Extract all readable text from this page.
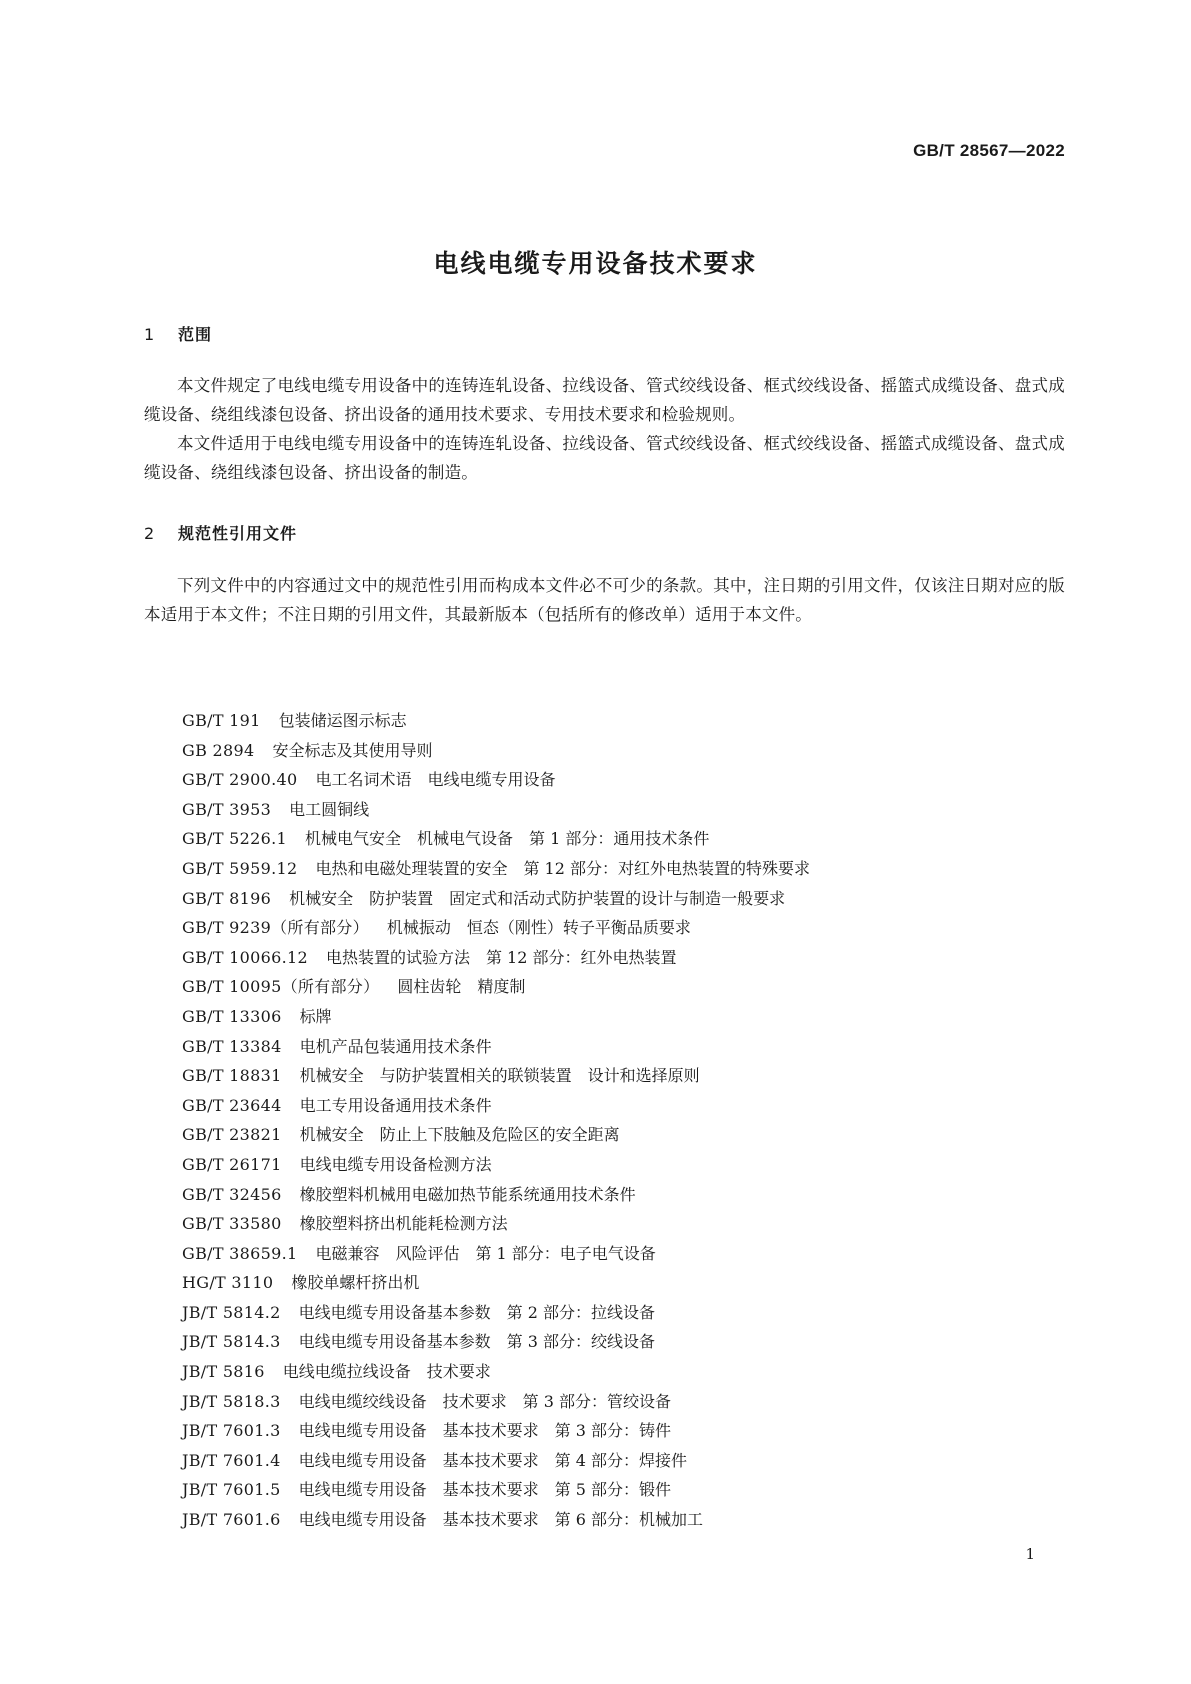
GB/T 28567—2022
电线电缆专用设备技术要求
1 范围

本文件规定了电线电缆专用设备中的连铸连轧设备、拉线设备、管式绞线设备、框式绞线设备、摇篮式成缆设备、盘式成缆设备、绕组线漆包设备、挤出设备的通用技术要求、专用技术要求和检验规则。

本文件适用于电线电缆专用设备中的连铸连轧设备、拉线设备、管式绞线设备、框式绞线设备、摇篮式成缆设备、盘式成缆设备、绕组线漆包设备、挤出设备的制造。

2 规范性引用文件

下列文件中的内容通过文中的规范性引用而构成本文件必不可少的条款。其中，注日期的引用文件，仅该注日期对应的版本适用于本文件；不注日期的引用文件，其最新版本（包括所有的修改单）适用于本文件。

GB/T 191 包装储运图示标志
GB 2894 安全标志及其使用导则
GB/T 2900.40 电工名词术语　电线电缆专用设备
GB/T 3953 电工圆铜线
GB/T 5226.1 机械电气安全　机械电气设备　第 1 部分：通用技术条件
GB/T 5959.12 电热和电磁处理装置的安全　第 12 部分：对红外电热装置的特殊要求
GB/T 8196 机械安全　防护装置　固定式和活动式防护装置的设计与制造一般要求
GB/T 9239（所有部分） 机械振动　恒态（刚性）转子平衡品质要求
GB/T 10066.12 电热装置的试验方法　第 12 部分：红外电热装置
GB/T 10095（所有部分） 圆柱齿轮　精度制
GB/T 13306 标牌
GB/T 13384 电机产品包装通用技术条件
GB/T 18831 机械安全　与防护装置相关的联锁装置　设计和选择原则
GB/T 23644 电工专用设备通用技术条件
GB/T 23821 机械安全　防止上下肢触及危险区的安全距离
GB/T 26171 电线电缆专用设备检测方法
GB/T 32456 橡胶塑料机械用电磁加热节能系统通用技术条件
GB/T 33580 橡胶塑料挤出机能耗检测方法
GB/T 38659.1 电磁兼容　风险评估　第 1 部分：电子电气设备
HG/T 3110 橡胶单螺杆挤出机
JB/T 5814.2 电线电缆专用设备基本参数　第 2 部分：拉线设备
JB/T 5814.3 电线电缆专用设备基本参数　第 3 部分：绞线设备
JB/T 5816 电线电缆拉线设备　技术要求
JB/T 5818.3 电线电缆绞线设备　技术要求　第 3 部分：管绞设备
JB/T 7601.3 电线电缆专用设备　基本技术要求　第 3 部分：铸件
JB/T 7601.4 电线电缆专用设备　基本技术要求　第 4 部分：焊接件
JB/T 7601.5 电线电缆专用设备　基本技术要求　第 5 部分：锻件
JB/T 7601.6 电线电缆专用设备　基本技术要求　第 6 部分：机械加工
1
